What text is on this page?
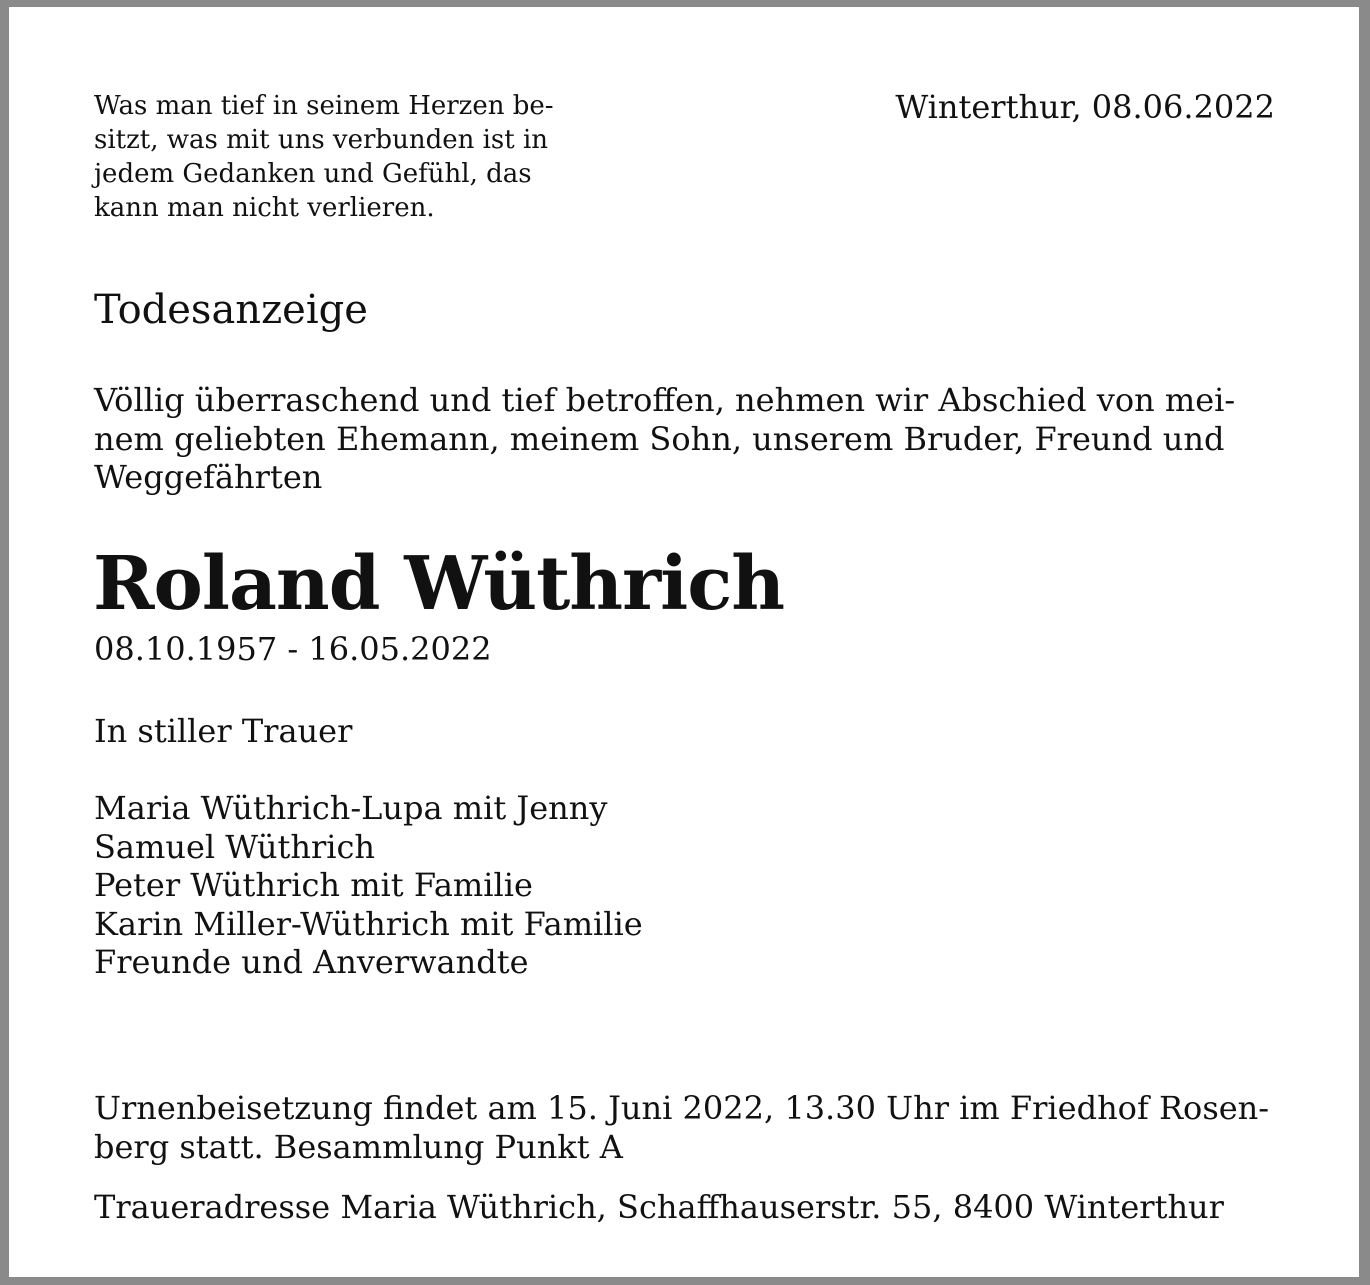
Was man tief in seinem Herzen be-
sitzt, was mit uns verbunden ist in
jedem Gedanken und Gefühl, das
kann man nicht verlieren.

Winterthur, 08.06.2022

Todesanzeige

Völlig überraschend und tief betroffen, nehmen wir Abschied von mei-
nem geliebten Ehemann, meinem Sohn, unserem Bruder, Freund und
Weggefährten

Roland Wüthrich

08.10.1957 - 16.05.2022

In stiller Trauer

Maria Wüthrich-Lupa mit Jenny
Samuel Wüthrich
Peter Wüthrich mit Familie
Karin Miller-Wüthrich mit Familie
Freunde und Anverwandte

Urnenbeisetzung findet am 15. Juni 2022, 13.30 Uhr im Friedhof Rosen-
berg statt. Besammlung Punkt A

Traueradresse Maria Wüthrich, Schaffhauserstr. 55, 8400 Winterthur
